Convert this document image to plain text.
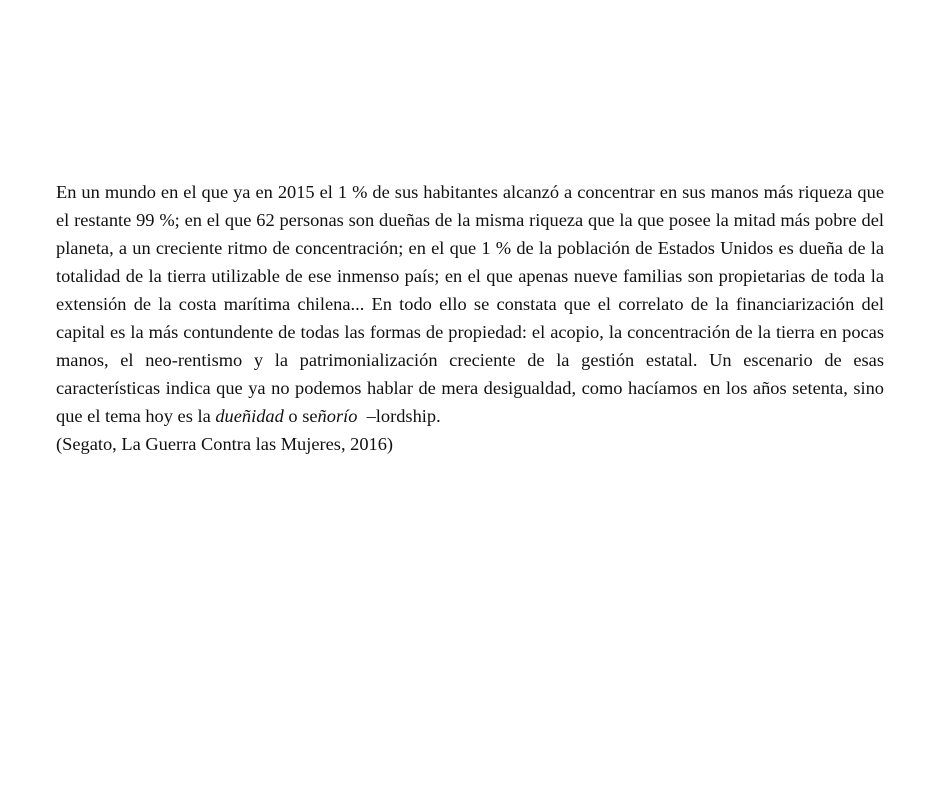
En un mundo en el que ya en 2015 el 1 % de sus habitantes alcanzó a concentrar en sus manos más riqueza que el restante 99 %; en el que 62 personas son dueñas de la misma riqueza que la que posee la mitad más pobre del planeta, a un creciente ritmo de concentración; en el que 1 % de la población de Estados Unidos es dueña de la totalidad de la tierra utilizable de ese inmenso país; en el que apenas nueve familias son propietarias de toda la extensión de la costa marítima chilena... En todo ello se constata que el correlato de la financiarización del capital es la más contundente de todas las formas de propiedad: el acopio, la concentración de la tierra en pocas manos, el neo-rentismo y la patrimonialización creciente de la gestión estatal. Un escenario de esas características indica que ya no podemos hablar de mera desigualdad, como hacíamos en los años setenta, sino que el tema hoy es la dueñidad o señorío –lordship.

(Segato, La Guerra Contra las Mujeres, 2016)
